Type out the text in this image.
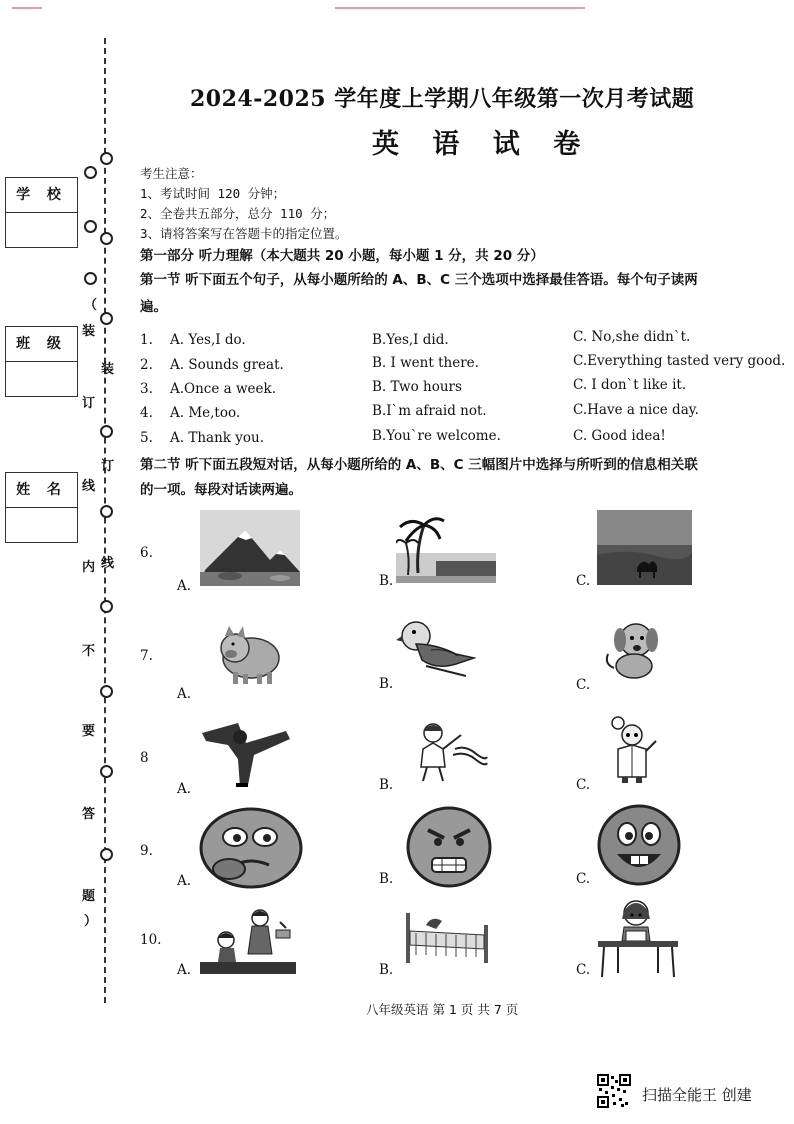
（
装
订
线
内
不
要
答
题
）
装
订
线
学 校
班 级
姓 名
2024-2025 学年度上学期八年级第一次月考试题
英 语 试 卷
考生注意：
1、考试时间 120 分钟；
2、全卷共五部分，总分 110 分；
3、请将答案写在答题卡的指定位置。
第一部分 听力理解（本大题共 20 小题，每小题 1 分，共 20 分）
第一节 听下面五个句子，从每小题所给的 A、B、C 三个选项中选择最佳答语。每个句子读两
遍。
1. A. Yes,I do.	B.Yes,I did.	C. No,she didn`t.
2. A. Sounds great.	B. I went there.	C.Everything tasted very good.
3. A.Once a week.	B. Two hours	C. I don`t like it.
4. A. Me,too.	B.I`m afraid not.	C.Have a nice day.
5. A. Thank you.	B.You`re welcome.	C. Good idea!
第二节 听下面五段短对话，从每小题所给的 A、B、C 三幅图片中选择与所听到的信息相关联
的一项。每段对话读两遍。
6.
A.	B.	C.
7.
A.
B.	C.
8
A.	B.	C.
9.
A.	B.	C.
10.
A.	B.	C.
八年级英语 第 1 页 共 7 页
扫描全能王 创建
